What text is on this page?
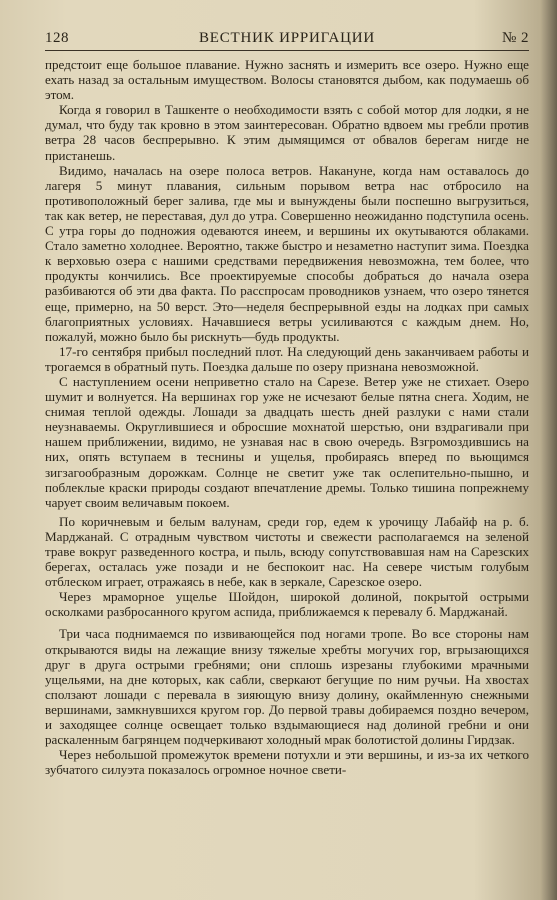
128	ВЕСТНИК ИРРИГАЦИИ	№ 2

предстоит еще большое плавание. Нужно заснять и измерить все озеро. Нужно еще ехать назад за остальным имуществом. Волосы становятся дыбом, как подумаешь об этом.

Когда я говорил в Ташкенте о необходимости взять с собой мотор для лодки, я не думал, что буду так кровно в этом заинтересован. Обратно вдвоем мы гребли против ветра 28 часов беспрерывно. К этим дымящимся от обвалов берегам нигде не пристанешь.

Видимо, началась на озере полоса ветров. Накануне, когда нам оставалось до лагеря 5 минут плавания, сильным порывом ветра нас отбросило на противоположный берег залива, где мы и вынуждены были поспешно выгрузиться, так как ветер, не переставая, дул до утра. Совершенно неожиданно подступила осень. С утра горы до подножия одеваются инеем, и вершины их окутываются облаками. Стало заметно холоднее. Вероятно, также быстро и незаметно наступит зима. Поездка к верховью озера с нашими средствами передвижения невозможна, тем более, что продукты кончились. Все проектируемые способы добраться до начала озера разбиваются об эти два факта. По расспросам проводников узнаем, что озеро тянется еще, примерно, на 50 верст. Это—неделя беспрерывной езды на лодках при самых благоприятных условиях. Начавшиеся ветры усиливаются с каждым днем. Но, пожалуй, можно было бы рискнуть—будь продукты.

17-го сентября прибыл последний плот. На следующий день заканчиваем работы и трогаемся в обратный путь. Поездка дальше по озеру признана невозможной.

С наступлением осени неприветно стало на Сарезе. Ветер уже не стихает. Озеро шумит и волнуется. На вершинах гор уже не исчезают белые пятна снега. Ходим, не снимая теплой одежды. Лошади за двадцать шесть дней разлуки с нами стали неузнаваемы. Округлившиеся и обросшие мохнатой шерстью, они вздрагивали при нашем приближении, видимо, не узнавая нас в свою очередь. Взгромоздившись на них, опять вступаем в теснины и ущелья, пробираясь вперед по вьющимся зигзагообразным дорожкам. Солнце не светит уже так ослепительно-пышно, и поблеклые краски природы создают впечатление дремы. Только тишина попрежнему чарует своим величавым покоем.

По коричневым и белым валунам, среди гор, едем к урочищу Лабайф на р. б. Марджанай. С отрадным чувством чистоты и свежести располагаемся на зеленой траве вокруг разведенного костра, и пыль, всюду сопутствовавшая нам на Сарезских берегах, осталась уже позади и не беспокоит нас. На севере чистым голубым отблеском играет, отражаясь в небе, как в зеркале, Сарезское озеро.

Через мраморное ущелье Шойдон, широкой долиной, покрытой острыми осколками разбросанного кругом аспида, приближаемся к перевалу б. Марджанай.

Три часа поднимаемся по извивающейся под ногами тропе. Во все стороны нам открываются виды на лежащие внизу тяжелые хребты могучих гор, вгрызающихся друг в друга острыми гребнями; они сплошь изрезаны глубокими мрачными ущельями, на дне которых, как сабли, сверкают бегущие по ним ручьи. На хвостах сползают лошади с перевала в зияющую внизу долину, окаймленную снежными вершинами, замкнувшихся кругом гор. До первой травы добираемся поздно вечером, и заходящее солнце освещает только вздымающиеся над долиной гребни и они раскаленным багрянцем подчеркивают холодный мрак болотистой долины Гирдзак.

Через небольшой промежуток времени потухли и эти вершины, и из-за их четкого зубчатого силуэта показалось огромное ночное свети-
